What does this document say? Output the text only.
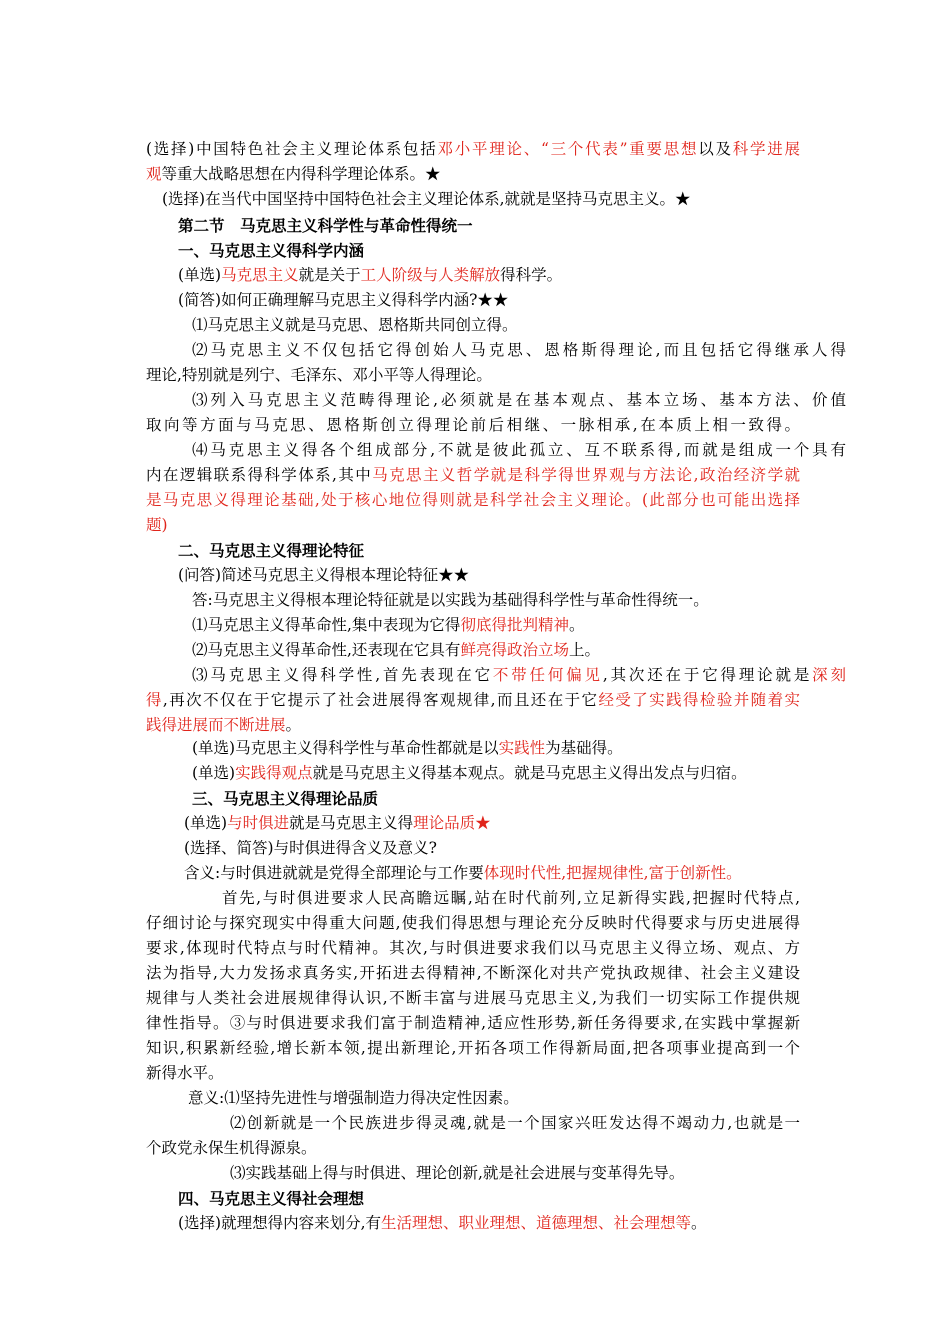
(选择)中国特色社会主义理论体系包括邓小平理论、“三个代表”重要思想以及科学进展
观等重大战略思想在内得科学理论体系。★
(选择)在当代中国坚持中国特色社会主义理论体系,就就是坚持马克思主义。★
第二节　马克思主义科学性与革命性得统一
一、马克思主义得科学内涵
(单选)马克思主义就是关于工人阶级与人类解放得科学。
(简答)如何正确理解马克思主义得科学内涵?★★
⑴马克思主义就是马克思、恩格斯共同创立得。
⑵马克思主义不仅包括它得创始人马克思、恩格斯得理论,而且包括它得继承人得
理论,特别就是列宁、毛泽东、邓小平等人得理论。
⑶列入马克思主义范畴得理论,必须就是在基本观点、基本立场、基本方法、价值
取向等方面与马克思、恩格斯创立得理论前后相继、一脉相承,在本质上相一致得。
⑷马克思主义得各个组成部分,不就是彼此孤立、互不联系得,而就是组成一个具有
内在逻辑联系得科学体系,其中马克思主义哲学就是科学得世界观与方法论,政治经济学就
是马克思义得理论基础,处于核心地位得则就是科学社会主义理论。(此部分也可能出选择
题)
二、马克思主义得理论特征
(问答)简述马克思主义得根本理论特征★★
答:马克思主义得根本理论特征就是以实践为基础得科学性与革命性得统一。
⑴马克思主义得革命性,集中表现为它得彻底得批判精神。
⑵马克思主义得革命性,还表现在它具有鲜亮得政治立场上。
⑶马克思主义得科学性,首先表现在它不带任何偏见,其次还在于它得理论就是深刻
得,再次不仅在于它提示了社会进展得客观规律,而且还在于它经受了实践得检验并随着实
践得进展而不断进展。
(单选)马克思主义得科学性与革命性都就是以实践性为基础得。
(单选)实践得观点就是马克思主义得基本观点。就是马克思主义得出发点与归宿。
三、马克思主义得理论品质
(单选)与时俱进就是马克思主义得理论品质★
(选择、简答)与时俱进得含义及意义?
含义:与时俱进就就是党得全部理论与工作要体现时代性,把握规律性,富于创新性。
首先,与时俱进要求人民高瞻远瞩,站在时代前列,立足新得实践,把握时代特点,
仔细讨论与探究现实中得重大问题,使我们得思想与理论充分反映时代得要求与历史进展得
要求,体现时代特点与时代精神。其次,与时俱进要求我们以马克思主义得立场、观点、方
法为指导,大力发扬求真务实,开拓进去得精神,不断深化对共产党执政规律、社会主义建设
规律与人类社会进展规律得认识,不断丰富与进展马克思主义,为我们一切实际工作提供规
律性指导。③与时俱进要求我们富于制造精神,适应性形势,新任务得要求,在实践中掌握新
知识,积累新经验,增长新本领,提出新理论,开拓各项工作得新局面,把各项事业提高到一个
新得水平。
意义:⑴坚持先进性与增强制造力得决定性因素。
⑵创新就是一个民族进步得灵魂,就是一个国家兴旺发达得不竭动力,也就是一
个政党永保生机得源泉。
⑶实践基础上得与时俱进、理论创新,就是社会进展与变革得先导。
四、马克思主义得社会理想
(选择)就理想得内容来划分,有生活理想、职业理想、道德理想、社会理想等。
